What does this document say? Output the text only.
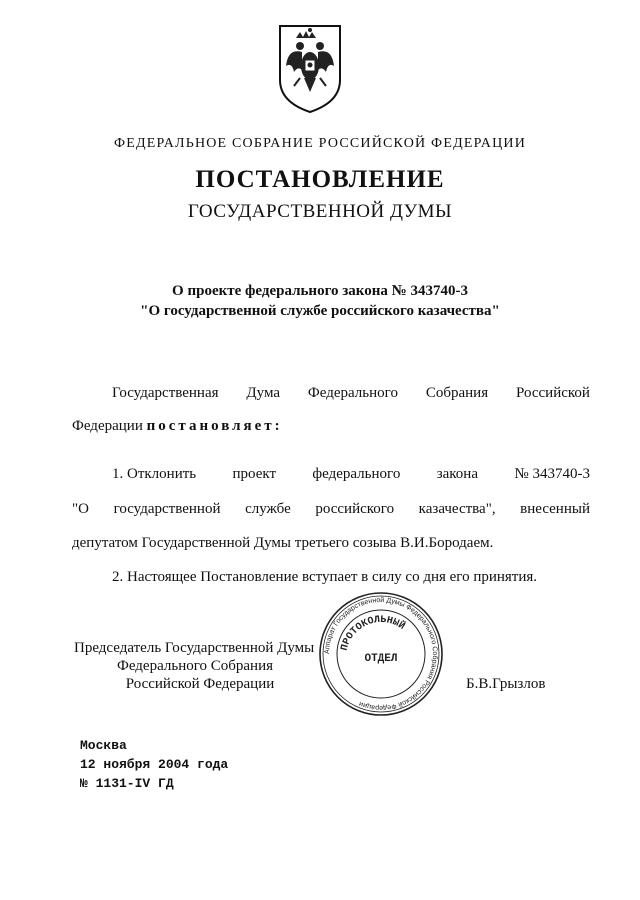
ФЕДЕРАЛЬНОЕ СОБРАНИЕ РОССИЙСКОЙ ФЕДЕРАЦИИ
ПОСТАНОВЛЕНИЕ
ГОСУДАРСТВЕННОЙ ДУМЫ
О проекте федерального закона № 343740-3
"О государственной службе российского казачества"
Государственная Дума Федерального Собрания Российской
Федерации постановляет:
1. Отклонить проект федерального закона № 343740-3
"О государственной службе российского казачества", внесенный
депутатом Государственной Думы третьего созыва В.И.Бородаем.
2. Настоящее Постановление вступает в силу со дня его принятия.
Аппарат Государственной Думы Федерального Собрания Российской Федерации
ПРОТОКОЛЬНЫЙ
ОТДЕЛ
Председатель Государственной Думы
Федерального Собрания
Российской Федерации	Б.В.Грызлов
Москва
12 ноября 2004 года
№ 1131-IV ГД
